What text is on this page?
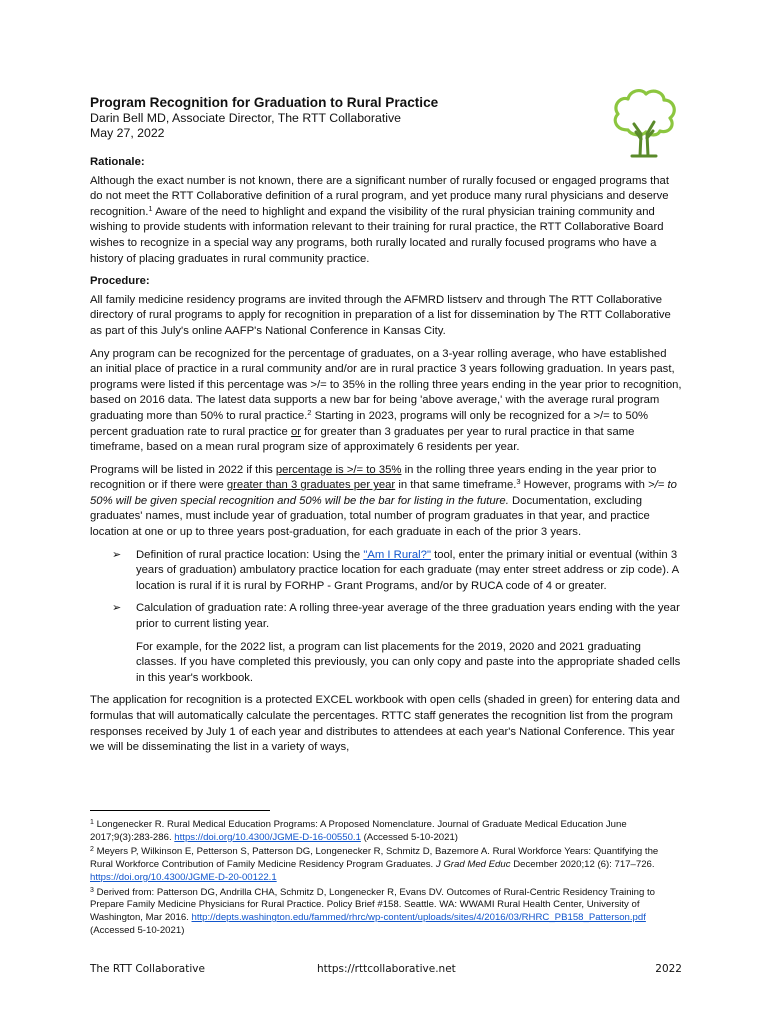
Program Recognition for Graduation to Rural Practice
Darin Bell MD, Associate Director, The RTT Collaborative
May 27, 2022
Rationale:

Although the exact number is not known, there are a significant number of rurally focused or engaged programs that do not meet the RTT Collaborative definition of a rural program, and yet produce many rural physicians and deserve recognition.$^1$ Aware of the need to highlight and expand the visibility of the rural physician training community and wishing to provide students with information relevant to their training for rural practice, the RTT Collaborative Board wishes to recognize in a special way any programs, both rurally located and rurally focused programs who have a history of placing graduates in rural community practice.

Procedure:

All family medicine residency programs are invited through the AFMRD listserv and through The RTT Collaborative directory of rural programs to apply for recognition in preparation of a list for dissemination by The RTT Collaborative as part of this July's online AAFP's National Conference in Kansas City.

Any program can be recognized for the percentage of graduates, on a 3-year rolling average, who have established an initial place of practice in a rural community and/or are in rural practice 3 years following graduation. In years past, programs were listed if this percentage was >/= to 35% in the rolling three years ending in the year prior to recognition, based on 2016 data. The latest data supports a new bar for being 'above average,' with the average rural program graduating more than 50% to rural practice.$^2$ Starting in 2023, programs will only be recognized for a >/= to 50% percent graduation rate to rural practice or for greater than 3 graduates per year to rural practice in that same timeframe, based on a mean rural program size of approximately 6 residents per year.

Programs will be listed in 2022 if this percentage is >/= to 35% in the rolling three years ending in the year prior to recognition or if there were greater than 3 graduates per year in that same timeframe.$^3$ However, programs with >/= to 50% will be given special recognition and 50% will be the bar for listing in the future. Documentation, excluding graduates' names, must include year of graduation, total number of program graduates in that year, and practice location at one or up to three years post-graduation, for each graduate in each of the prior 3 years.

➢	Definition of rural practice location: Using the "Am I Rural?" tool, enter the primary initial or eventual (within 3 years of graduation) ambulatory practice location for each graduate (may enter street address or zip code). A location is rural if it is rural by FORHP - Grant Programs, and/or by RUCA code of 4 or greater.
➢	Calculation of graduation rate: A rolling three-year average of the three graduation years ending with the year prior to current listing year.

For example, for the 2022 list, a program can list placements for the 2019, 2020 and 2021 graduating classes. If you have completed this previously, you can only copy and paste into the appropriate shaded cells in this year's workbook.

The application for recognition is a protected EXCEL workbook with open cells (shaded in green) for entering data and formulas that will automatically calculate the percentages. RTTC staff generates the recognition list from the program responses received by July 1 of each year and distributes to attendees at each year's National Conference. This year we will be disseminating the list in a variety of ways,

$^1$ Longenecker R. Rural Medical Education Programs: A Proposed Nomenclature. Journal of Graduate Medical Education June 2017;9(3):283-286. https://doi.org/10.4300/JGME-D-16-00550.1 (Accessed 5-10-2021)
$^2$ Meyers P, Wilkinson E, Petterson S, Patterson DG, Longenecker R, Schmitz D, Bazemore A. Rural Workforce Years: Quantifying the Rural Workforce Contribution of Family Medicine Residency Program Graduates. J Grad Med Educ December 2020;12 (6): 717–726. https://doi.org/10.4300/JGME-D-20-00122.1
$^3$ Derived from: Patterson DG, Andrilla CHA, Schmitz D, Longenecker R, Evans DV. Outcomes of Rural-Centric Residency Training to Prepare Family Medicine Physicians for Rural Practice. Policy Brief #158. Seattle. WA: WWAMI Rural Health Center, University of Washington, Mar 2016. http://depts.washington.edu/fammed/rhrc/wp-content/uploads/sites/4/2016/03/RHRC_PB158_Patterson.pdf (Accessed 5-10-2021)
The RTT Collaborative	https://rttcollaborative.net	2022
